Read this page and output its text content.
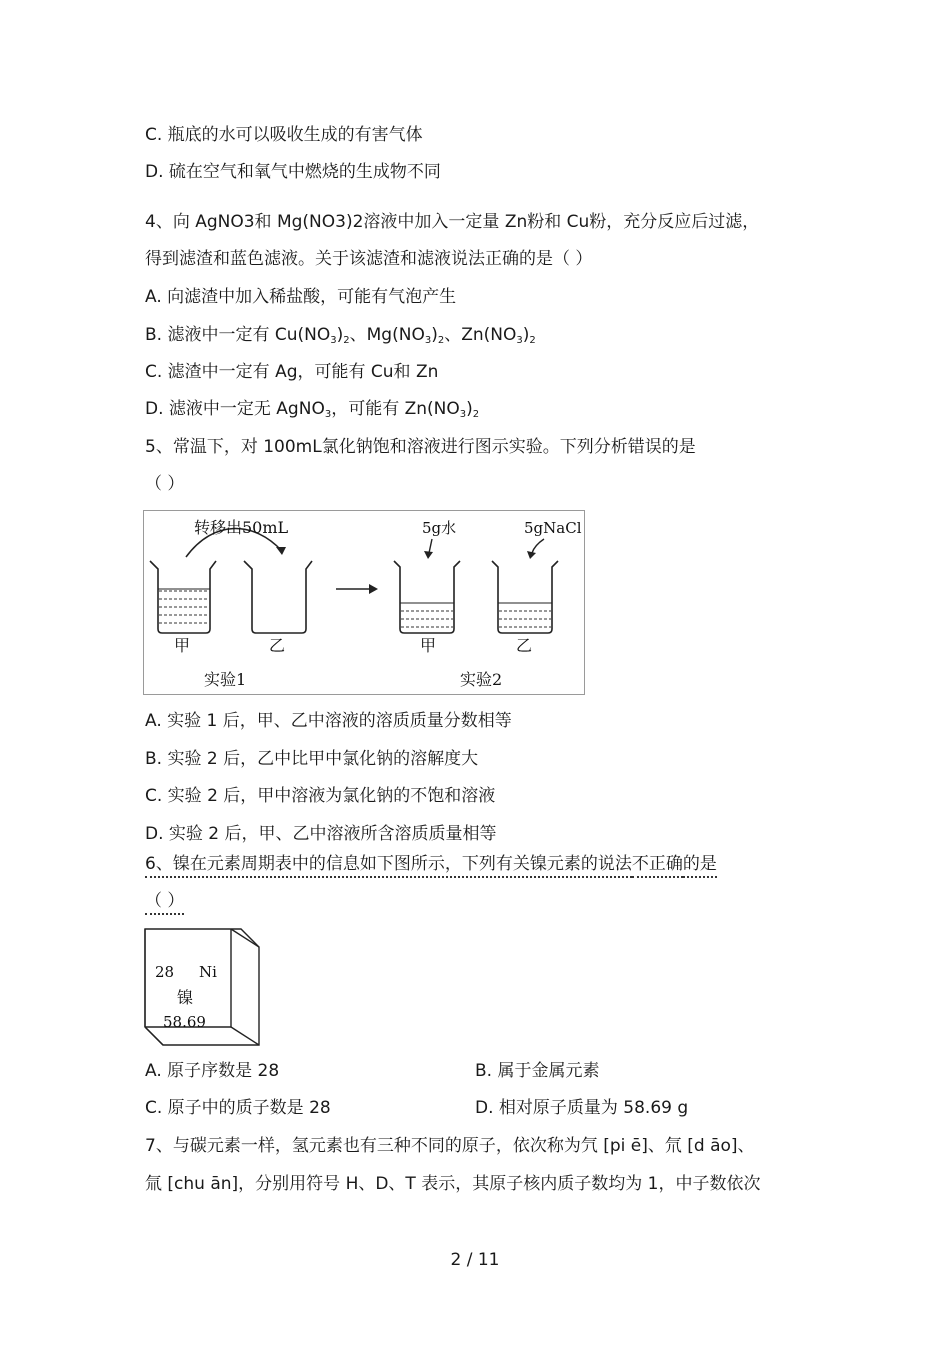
C. 瓶底的水可以吸收生成的有害气体
D. 硫在空气和氧气中燃烧的生成物不同
4、向 AgNO3和 Mg(NO3)2溶液中加入一定量 Zn粉和 Cu粉，充分反应后过滤，
得到滤渣和蓝色滤液。关于该滤渣和滤液说法正确的是（ ）
A. 向滤渣中加入稀盐酸，可能有气泡产生
B. 滤液中一定有 $Cu(NO_3)_2$、$Mg(NO_3)_2$、$Zn(NO_3)_2$
C. 滤渣中一定有 Ag，可能有 Cu和 Zn
D. 滤液中一定无 AgNO$_3$，可能有 $Zn(NO_3)_2$
5、常温下，对 100mL氯化钠饱和溶液进行图示实验。下列分析错误的是
（ ）
转移出50mL
甲	乙
实验1
5g水	5gNaCl
甲	乙
实验2
A. 实验 1 后，甲、乙中溶液的溶质质量分数相等
B. 实验 2 后，乙中比甲中氯化钠的溶解度大
C. 实验 2 后，甲中溶液为氯化钠的不饱和溶液
D. 实验 2 后，甲、乙中溶液所含溶质质量相等
6、镍在元素周期表中的信息如下图所示，下列有关镍元素的说法不正确的是
（ ）
28 Ni
镍
58.69
A. 原子序数是 28	B. 属于金属元素
C. 原子中的质子数是 28	D. 相对原子质量为 58.69 g
7、与碳元素一样，氢元素也有三种不同的原子，依次称为氕 [pi ē]、氘 [d āo]、
氚 [chu ān]，分别用符号 H、D、T 表示，其原子核内质子数均为 1，中子数依次
2 / 11
